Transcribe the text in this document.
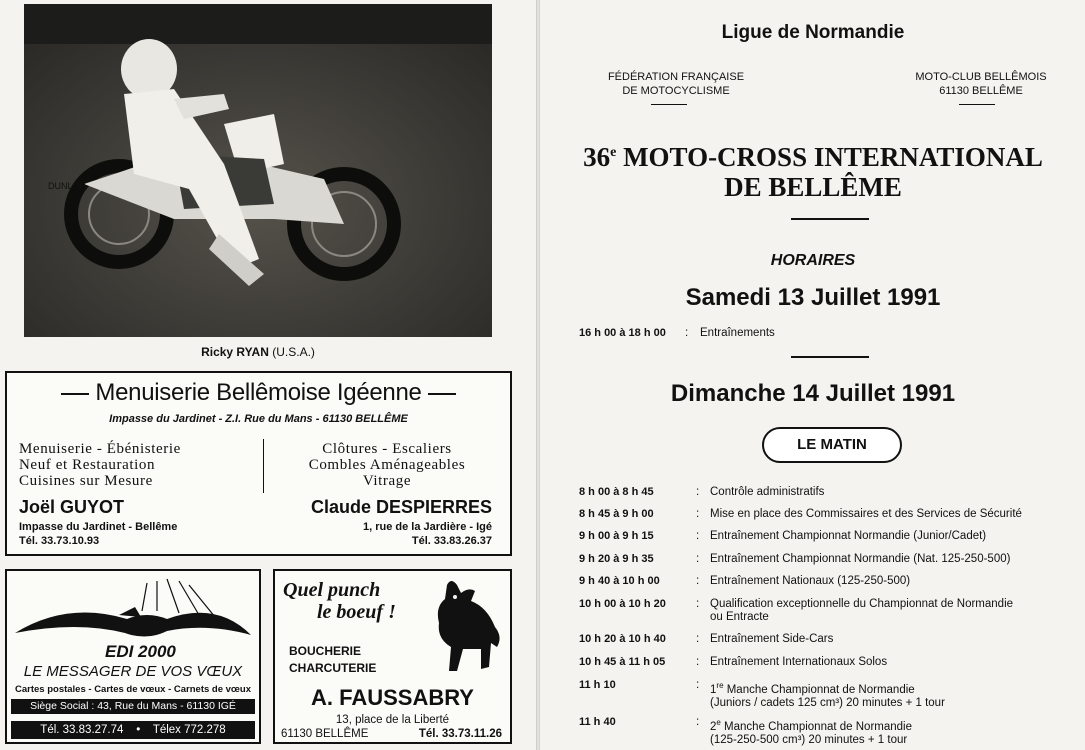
DUNLOP
Ricky RYAN (U.S.A.)
Menuiserie Bellêmoise Igéenne
Impasse du Jardinet - Z.I. Rue du Mans - 61130 BELLÊME
Menuiserie - Ébénisterie
Neuf et Restauration
Cuisines sur Mesure
Clôtures - Escaliers
Combles Aménageables
Vitrage
Joël GUYOT
Impasse du Jardinet - Bellême
Tél. 33.73.10.93
Claude DESPIERRES
1, rue de la Jardière - Igé
Tél. 33.83.26.37
EDI 2000
LE MESSAGER DE VOS VŒUX
Cartes postales - Cartes de vœux - Carnets de vœux
Siège Social : 43, Rue du Mans - 61130 IGÉ
Tél. 33.83.27.74 • Télex 772.278
Quel punch
le boeuf !
BOUCHERIE
CHARCUTERIE
A. FAUSSABRY
13, place de la Liberté
61130 BELLÊME	Tél. 33.73.11.26
Ligue de Normandie
FÉDÉRATION FRANÇAISE
DE MOTOCYCLISME
MOTO-CLUB BELLÊMOIS
61130 BELLÊME
36e MOTO-CROSS INTERNATIONAL
DE BELLÊME
HORAIRES
Samedi 13 Juillet 1991
16 h 00 à 18 h 00 : Entraînements
Dimanche 14 Juillet 1991
LE MATIN
8 h 00 à 8 h 45	: Contrôle administratifs
8 h 45 à 9 h 00	: Mise en place des Commissaires et des Services de Sécurité
9 h 00 à 9 h 15	: Entraînement Championnat Normandie (Junior/Cadet)
9 h 20 à 9 h 35	: Entraînement Championnat Normandie (Nat. 125-250-500)
9 h 40 à 10 h 00	: Entraînement Nationaux (125-250-500)
10 h 00 à 10 h 20	: Qualification exceptionnelle du Championnat de Normandie
ou Entracte
10 h 20 à 10 h 40	: Entraînement Side-Cars
10 h 45 à 11 h 05	: Entraînement Internationaux Solos
11 h 10	: 1re Manche Championnat de Normandie
(Juniors / cadets 125 cm³) 20 minutes + 1 tour
11 h 40	: 2e Manche Championnat de Normandie
(125-250-500 cm³) 20 minutes + 1 tour
